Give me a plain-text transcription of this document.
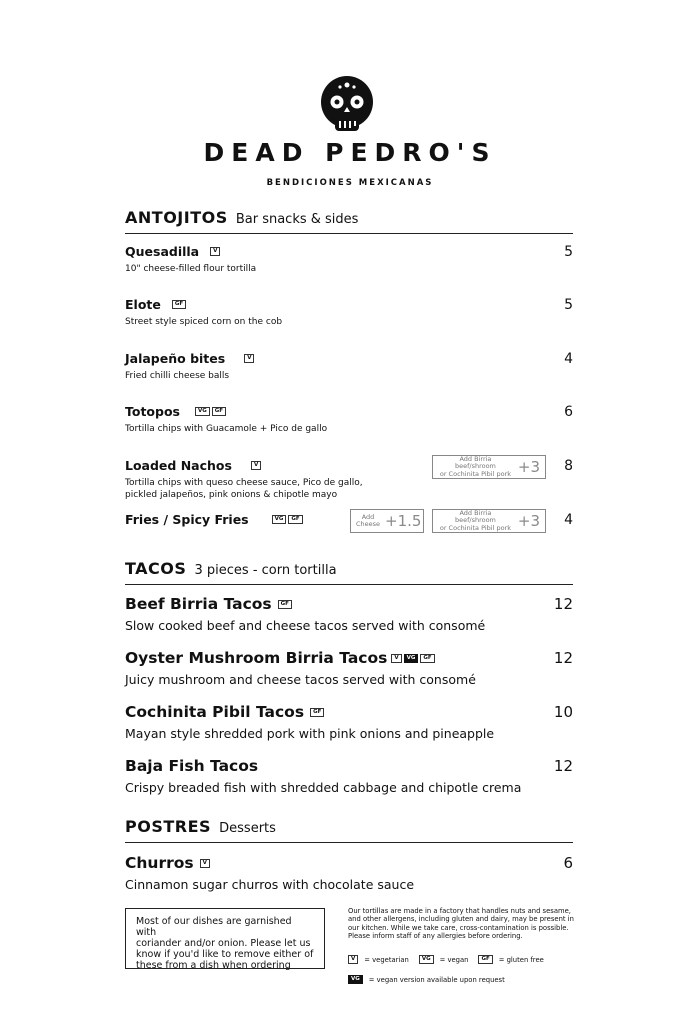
DEAD PEDRO'S
BENDICIONES MEXICANAS
ANTOJITOS Bar snacks & sides
Quesadilla	V
10" cheese-filled flour tortilla
5
Elote	GF
Street style spiced corn on the cob
5
Jalapeño bites	V
Fried chilli cheese balls
4
Totopos	VG	GF
Tortilla chips with Guacamole + Pico de gallo
6
Loaded Nachos	V
Tortilla chips with queso cheese sauce, Pico de gallo,
pickled jalapeños, pink onions & chipotle mayo
8
Add Birria beef/shroom
or Cochinita Pibil pork +3
Fries / Spicy Fries	VG	GF	4
Add
Cheese +1.5	Add Birria beef/shroom
or Cochinita Pibil pork +3
TACOS 3 pieces - corn tortilla
Beef Birria Tacos	GF
Slow cooked beef and cheese tacos served with consomé
12
Oyster Mushroom Birria Tacos	V	VG	GF
Juicy mushroom and cheese tacos served with consomé
12
Cochinita Pibil Tacos	GF
Mayan style shredded pork with pink onions and pineapple
10
Baja Fish Tacos
Crispy breaded fish with shredded cabbage and chipotle crema
12
POSTRES Desserts
Churros	V
Cinnamon sugar churros with chocolate sauce
6
Most of our dishes are garnished with
coriander and/or onion. Please let us
know if you'd like to remove either of
these from a dish when ordering
Our tortillas are made in a factory that handles nuts and sesame,
and other allergens, including gluten and dairy, may be present in
our kitchen. While we take care, cross-contamination is possible.
Please inform staff of any allergies before ordering.
V	= vegetarian	VG	= vegan	GF	= gluten free
VG	= vegan version available upon request
